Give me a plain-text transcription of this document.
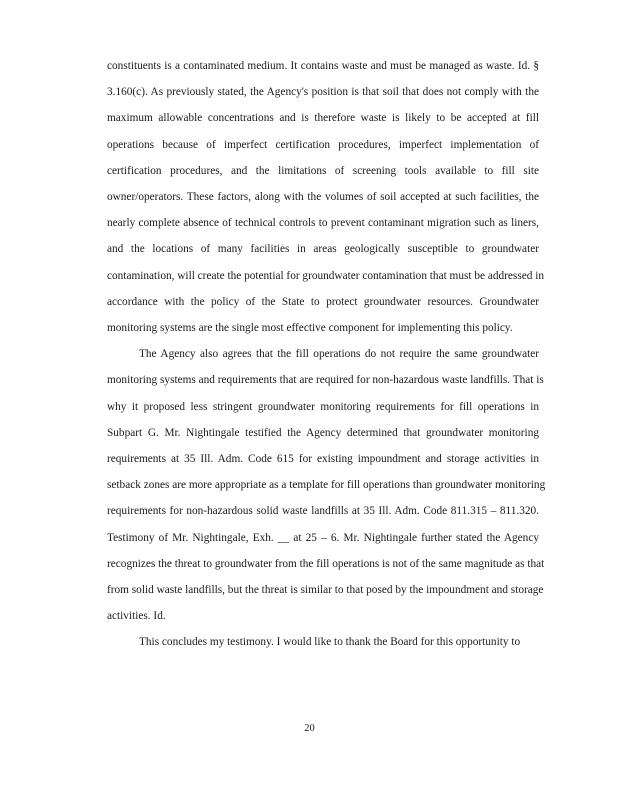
constituents is a contaminated medium. It contains waste and must be managed as waste. Id. §
3.160(c). As previously stated, the Agency's position is that soil that does not comply with the
maximum allowable concentrations and is therefore waste is likely to be accepted at fill
operations because of imperfect certification procedures, imperfect implementation of
certification procedures, and the limitations of screening tools available to fill site
owner/operators. These factors, along with the volumes of soil accepted at such facilities, the
nearly complete absence of technical controls to prevent contaminant migration such as liners,
and the locations of many facilities in areas geologically susceptible to groundwater
contamination, will create the potential for groundwater contamination that must be addressed in
accordance with the policy of the State to protect groundwater resources. Groundwater
monitoring systems are the single most effective component for implementing this policy.
The Agency also agrees that the fill operations do not require the same groundwater
monitoring systems and requirements that are required for non-hazardous waste landfills. That is
why it proposed less stringent groundwater monitoring requirements for fill operations in
Subpart G. Mr. Nightingale testified the Agency determined that groundwater monitoring
requirements at 35 Ill. Adm. Code 615 for existing impoundment and storage activities in
setback zones are more appropriate as a template for fill operations than groundwater monitoring
requirements for non-hazardous solid waste landfills at 35 Ill. Adm. Code 811.315 – 811.320.
Testimony of Mr. Nightingale, Exh. __ at 25 – 6. Mr. Nightingale further stated the Agency
recognizes the threat to groundwater from the fill operations is not of the same magnitude as that
from solid waste landfills, but the threat is similar to that posed by the impoundment and storage
activities. Id.
This concludes my testimony. I would like to thank the Board for this opportunity to
20
